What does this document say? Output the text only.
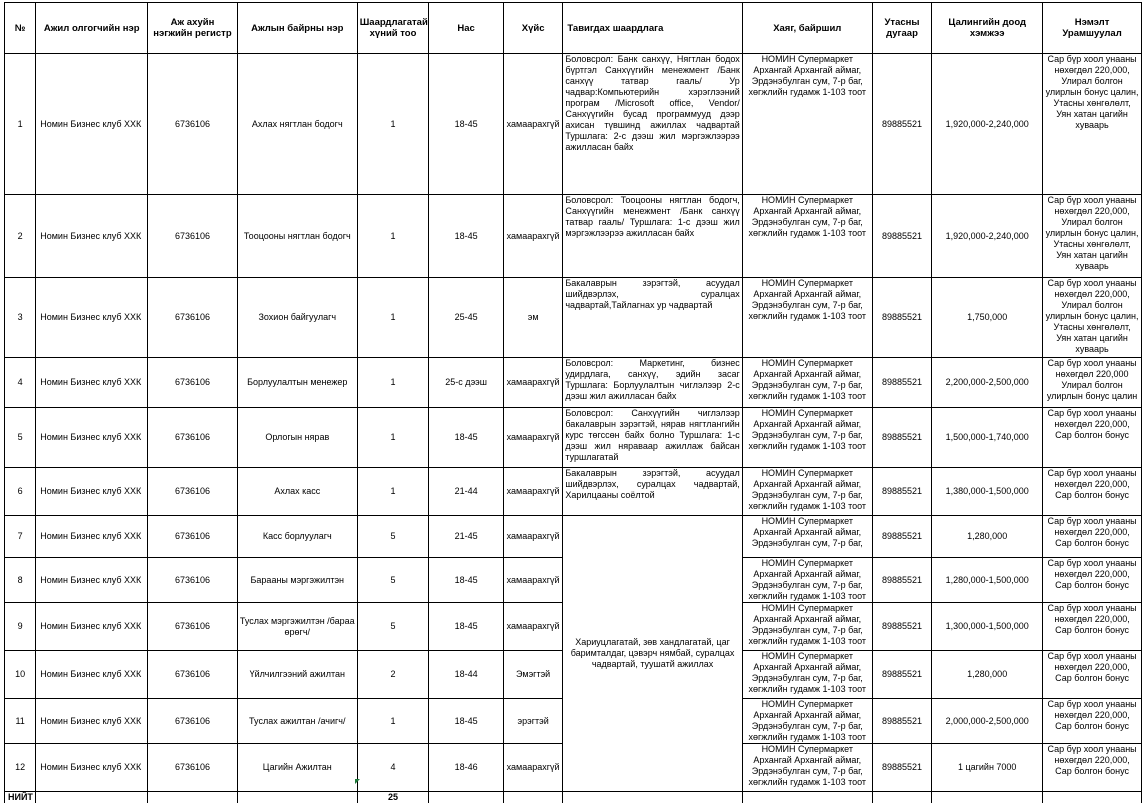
№	Ажил олгогчийн нэр	Аж ахуйн нэгжийн регистр	Ажлын байрны нэр	Шаардлагатай хүний тоо	Нас	Хүйс	Тавигдах шаардлага	Хаяг, байршил	Утасны дугаар	Цалингийн доод хэмжээ	Нэмэлт Урамшуулал
1	Номин Бизнес клуб ХХК	6736106	Ахлах нягтлан бодогч	1	18-45	хамаарахгүй	Боловсрол: Банк санхүү, Нягтлан бодох бүртгэл Санхүүгийн менежмент /Банк санхүү татвар гааль/ Ур чадвар:Компьютерийн хэрэглээний програм /Microsoft office, Vendor/ Санхүүгийн бусад программууд дээр ахисан түвшинд ажиллах чадвартай Туршлага: 2-с дээш жил мэргэжлээрээ ажилласан байх	НОМИН Супермаркет Архангай Архангай аймаг, Эрдэнэбулган сум, 7-р баг, хөгжлийн гудамж 1-103 тоот	89885521	1,920,000-2,240,000	Сар бүр хоол унааны нөхөгдөл 220,000, Улирал болгон улирлын бонус цалин, Утасны хөнгөлөлт, Уян хатан цагийн хуваарь
2	Номин Бизнес клуб ХХК	6736106	Тооцооны нягтлан бодогч	1	18-45	хамаарахгүй	Боловсрол: Тооцооны нягтлан бодогч, Санхүүгийн менежмент /Банк санхүү татвар гааль/ Туршлага: 1-с дээш жил мэргэжлээрээ ажилласан байх	НОМИН Супермаркет Архангай Архангай аймаг, Эрдэнэбулган сум, 7-р баг, хөгжлийн гудамж 1-103 тоот	89885521	1,920,000-2,240,000	Сар бүр хоол унааны нөхөгдөл 220,000, Улирал болгон улирлын бонус цалин, Утасны хөнгөлөлт, Уян хатан цагийн хуваарь
3	Номин Бизнес клуб ХХК	6736106	Зохион байгуулагч	1	25-45	эм	Бакалаврын зэрэгтэй, асуудал шийдвэрлэх, суралцах чадвартай,Тайлагнах ур чадвартай	НОМИН Супермаркет Архангай Архангай аймаг, Эрдэнэбулган сум, 7-р баг, хөгжлийн гудамж 1-103 тоот	89885521	1,750,000	Сар бүр хоол унааны нөхөгдөл 220,000, Улирал болгон улирлын бонус цалин, Утасны хөнгөлөлт, Уян хатан цагийн хуваарь
4	Номин Бизнес клуб ХХК	6736106	Борлуулалтын менежер	1	25-с дээш	хамаарахгүй	Боловсрол: Маркетинг, бизнес удирдлага, санхүү, эдийн засаг Туршлага: Борлуулалтын чиглэлээр 2-с дээш жил ажилласан байх	НОМИН Супермаркет Архангай Архангай аймаг, Эрдэнэбулган сум, 7-р баг, хөгжлийн гудамж 1-103 тоот	89885521	2,200,000-2,500,000	Сар бүр хоол унааны нөхөгдөл 220,000 Улирал болгон улирлын бонус цалин
5	Номин Бизнес клуб ХХК	6736106	Орлогын нярав	1	18-45	хамаарахгүй	Боловсрол: Санхүүгийн чиглэлээр бакалаврын зэрэгтэй, нярав нягтлангийн курс төгссөн байх болно Туршлага: 1-с дээш жил няраваар ажиллаж байсан туршлагатай	НОМИН Супермаркет Архангай Архангай аймаг, Эрдэнэбулган сум, 7-р баг, хөгжлийн гудамж 1-103 тоот	89885521	1,500,000-1,740,000	Сар бүр хоол унааны нөхөгдөл 220,000, Сар болгон бонус
6	Номин Бизнес клуб ХХК	6736106	Ахлах касс	1	21-44	хамаарахгүй	Бакалаврын зэрэгтэй, асуудал шийдвэрлэх, суралцах чадвартай, Харилцааны соёлтой	НОМИН Супермаркет Архангай Архангай аймаг, Эрдэнэбулган сум, 7-р баг, хөгжлийн гудамж 1-103 тоот	89885521	1,380,000-1,500,000	Сар бүр хоол унааны нөхөгдөл 220,000, Сар болгон бонус
7	Номин Бизнес клуб ХХК	6736106	Касс борлуулагч	5	21-45	хамаарахгүй	Хариуцлагатай, зөв хандлагатай, цаг баримталдаг, цэвэрч нямбай, суралцах чадвартай, туушатй ажиллах	НОМИН Супермаркет Архангай Архангай аймаг, Эрдэнэбулган сум, 7-р баг,	89885521	1,280,000	Сар бүр хоол унааны нөхөгдөл 220,000, Сар болгон бонус
8	Номин Бизнес клуб ХХК	6736106	Барааны мэргэжилтэн	5	18-45	хамаарахгүй		НОМИН Супермаркет Архангай Архангай аймаг, Эрдэнэбулган сум, 7-р баг, хөгжлийн гудамж 1-103 тоот	89885521	1,280,000-1,500,000	Сар бүр хоол унааны нөхөгдөл 220,000, Сар болгон бонус
9	Номин Бизнес клуб ХХК	6736106	Туслах мэргэжилтэн /бараа өрөгч/	5	18-45	хамаарахгүй		НОМИН Супермаркет Архангай Архангай аймаг, Эрдэнэбулган сум, 7-р баг, хөгжлийн гудамж 1-103 тоот	89885521	1,300,000-1,500,000	Сар бүр хоол унааны нөхөгдөл 220,000, Сар болгон бонус
10	Номин Бизнес клуб ХХК	6736106	Үйлчилгээний ажилтан	2	18-44	Эмэгтэй		НОМИН Супермаркет Архангай Архангай аймаг, Эрдэнэбулган сум, 7-р баг, хөгжлийн гудамж 1-103 тоот	89885521	1,280,000	Сар бүр хоол унааны нөхөгдөл 220,000, Сар болгон бонус
11	Номин Бизнес клуб ХХК	6736106	Туслах ажилтан /ачигч/	1	18-45	эрэгтэй		НОМИН Супермаркет Архангай Архангай аймаг, Эрдэнэбулган сум, 7-р баг, хөгжлийн гудамж 1-103 тоот	89885521	2,000,000-2,500,000	Сар бүр хоол унааны нөхөгдөл 220,000, Сар болгон бонус
12	Номин Бизнес клуб ХХК	6736106	Цагийн Ажилтан	4	18-46	хамаарахгүй		НОМИН Супермаркет Архангай Архангай аймаг, Эрдэнэбулган сум, 7-р баг, хөгжлийн гудамж 1-103 тоот	89885521	1 цагийн 7000	Сар бүр хоол унааны нөхөгдөл 220,000, Сар болгон бонус
НИЙТ				25							
